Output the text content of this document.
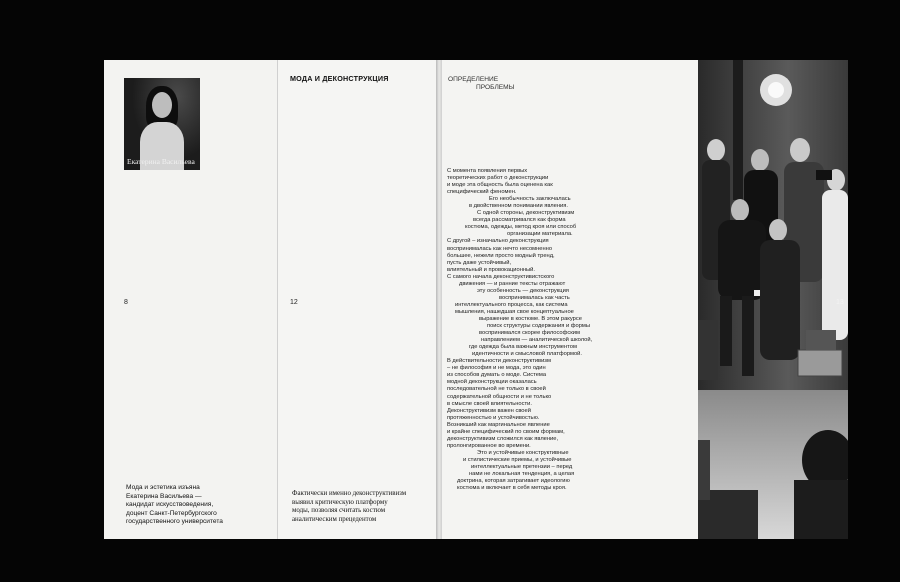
Екатерина Васильева
8
Мода и эстетика изъяна
Екатерина Васильева —
кандидат искусствоведения,
доцент Санкт-Петербургского
государственного университета
МОДА И ДЕКОНСТРУКЦИЯ
12
Фактически именно деконструктивизм
выявил критическую платформу
моды, позволяя считать костюм
аналитическим прецедентом
ОПРЕДЕЛЕНИЕ
ПРОБЛЕМЫ
С момента появления первых
теоретических работ о деконструкции
и моде эта общность была оценена как
специфический феномен.
Его необычность заключалась
в двойственном понимании явления.
С одной стороны, деконструктивизм
всегда рассматривался как форма
костюма, одежды, метод кроя или способ
организации материала.
С другой – изначально деконструкция
воспринималась как нечто несомненно
большее, нежели просто модный тренд,
пусть даже устойчивый,
влиятельный и провокационный.
С самого начала деконструктивистского
движения — и ранние тексты отражают
эту особенность — деконструкция
воспринималась как часть
интеллектуального процесса, как система
мышления, нашедшая свое концептуальное
выражение в костюме. В этом ракурсе
поиск структуры содержания и формы
воспринимался скорее философским
направлением — аналитической школой,
где одежда была важным инструментом
идентичности и смысловой платформой.
В действительности деконструктивизм
– не философия и не мода, это один
из способов думать о моде. Система
модной деконструкции оказалась
последовательной не только в своей
содержательной общности и не только
в смысле своей влиятельности.
Деконструктивизм важен своей
протяженностью и устойчивостью.
Возникший как маргинальное явление
и крайне специфический по своим формам,
деконструктивизм сложился как явление,
пролонгированное во времени.
Это и устойчивые конструктивные
и стилистические приемы, и устойчивые
интеллектуальные претензии – перед
нами не локальная тенденция, а целая
доктрина, которая затрагивает идеологию
костюма и включает в себя методы кроя.
13
